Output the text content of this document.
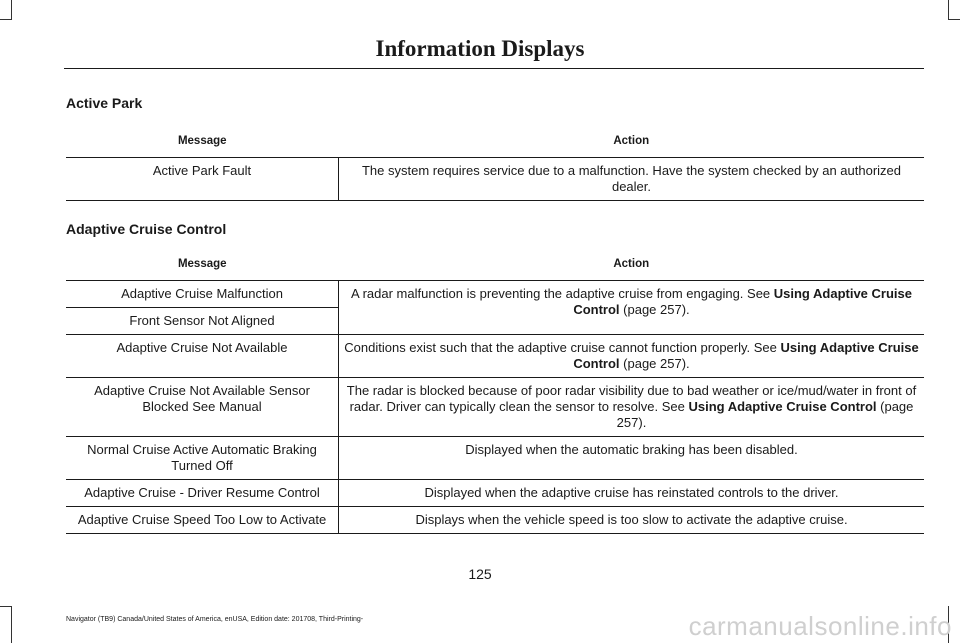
Information Displays
Active Park
Message	Action
Active Park Fault	The system requires service due to a malfunction. Have the system checked by an authorized dealer.
Adaptive Cruise Control
Message	Action
Adaptive Cruise Malfunction	A radar malfunction is preventing the adaptive cruise from engaging. See Using Adaptive Cruise Control (page 257).
Front Sensor Not Aligned	
Adaptive Cruise Not Available	Conditions exist such that the adaptive cruise cannot function properly. See Using Adaptive Cruise Control (page 257).
Adaptive Cruise Not Available Sensor Blocked See Manual	The radar is blocked because of poor radar visibility due to bad weather or ice/mud/water in front of radar. Driver can typically clean the sensor to resolve. See Using Adaptive Cruise Control (page 257).
Normal Cruise Active Automatic Braking Turned Off	Displayed when the automatic braking has been disabled.
Adaptive Cruise - Driver Resume Control	Displayed when the adaptive cruise has reinstated controls to the driver.
Adaptive Cruise Speed Too Low to Activate	Displays when the vehicle speed is too slow to activate the adaptive cruise.
125
Navigator (TB9) Canada/United States of America, enUSA, Edition date: 201708, Third-Printing-	carmanualsonline.info
